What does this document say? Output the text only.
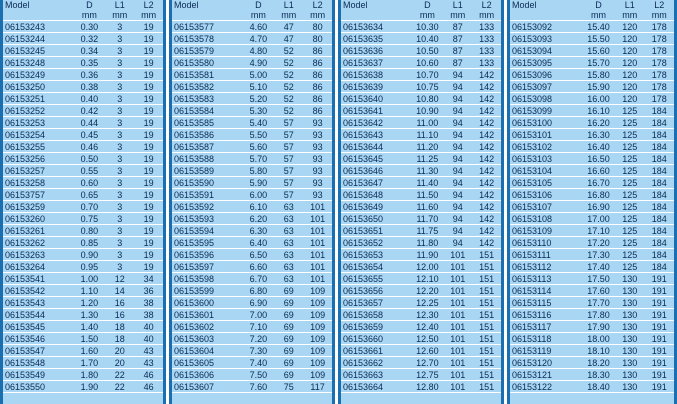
Model	D	L1	L2
	mm	mm	mm
06153243	0.30	3	19
06153244	0.32	3	19
06153245	0.34	3	19
06153248	0.35	3	19
06153249	0.36	3	19
06153250	0.38	3	19
06153251	0.40	3	19
06153252	0.42	3	19
06153253	0.44	3	19
06153254	0.45	3	19
06153255	0.46	3	19
06153256	0.50	3	19
06153257	0.55	3	19
06153258	0.60	3	19
06153757	0.65	3	19
06153259	0.70	3	19
06153260	0.75	3	19
06153261	0.80	3	19
06153262	0.85	3	19
06153263	0.90	3	19
06153264	0.95	3	19
06153541	1.00	12	34
06153542	1.10	14	36
06153543	1.20	16	38
06153544	1.30	16	38
06153545	1.40	18	40
06153546	1.50	18	40
06153547	1.60	20	43
06153548	1.70	20	43
06153549	1.80	22	46
06153550	1.90	22	46
Model	D	L1	L2
	mm	mm	mm
06153577	4.60	47	80
06153578	4.70	47	80
06153579	4.80	52	86
06153580	4.90	52	86
06153581	5.00	52	86
06153582	5.10	52	86
06153583	5.20	52	86
06153584	5.30	52	86
06153585	5.40	57	93
06153586	5.50	57	93
06153587	5.60	57	93
06153588	5.70	57	93
06153589	5.80	57	93
06153590	5.90	57	93
06153591	6.00	57	93
06153592	6.10	63	101
06153593	6.20	63	101
06153594	6.30	63	101
06153595	6.40	63	101
06153596	6.50	63	101
06153597	6.60	63	101
06153598	6.70	63	101
06153599	6.80	69	109
06153600	6.90	69	109
06153601	7.00	69	109
06153602	7.10	69	109
06153603	7.20	69	109
06153604	7.30	69	109
06153605	7.40	69	109
06153606	7.50	69	109
06153607	7.60	75	117
Model	D	L1	L2
	mm	mm	mm
06153634	10.30	87	133
06153635	10.40	87	133
06153636	10.50	87	133
06153637	10.60	87	133
06153638	10.70	94	142
06153639	10.75	94	142
06153640	10.80	94	142
06153641	10.90	94	142
06153642	11.00	94	142
06153643	11.10	94	142
06153644	11.20	94	142
06153645	11.25	94	142
06153646	11.30	94	142
06153647	11.40	94	142
06153648	11.50	94	142
06153649	11.60	94	142
06153650	11.70	94	142
06153651	11.75	94	142
06153652	11.80	94	142
06153653	11.90	101	151
06153654	12.00	101	151
06153655	12.10	101	151
06153656	12.20	101	151
06153657	12.25	101	151
06153658	12.30	101	151
06153659	12.40	101	151
06153660	12.50	101	151
06153661	12.60	101	151
06153662	12.70	101	151
06153663	12.75	101	151
06153664	12.80	101	151
Model	D	L1	L2
	mm	mm	mm
06153092	15.40	120	178
06153093	15.50	120	178
06153094	15.60	120	178
06153095	15.70	120	178
06153096	15.80	120	178
06153097	15.90	120	178
06153098	16.00	120	178
06153099	16.10	125	184
06153100	16.20	125	184
06153101	16.30	125	184
06153102	16.40	125	184
06153103	16.50	125	184
06153104	16.60	125	184
06153105	16.70	125	184
06153106	16.80	125	184
06153107	16.90	125	184
06153108	17.00	125	184
06153109	17.10	125	184
06153110	17.20	125	184
06153111	17.30	125	184
06153112	17.40	125	184
06153113	17.50	130	191
06153114	17.60	130	191
06153115	17.70	130	191
06153116	17.80	130	191
06153117	17.90	130	191
06153118	18.00	130	191
06153119	18.10	130	191
06153120	18.20	130	191
06153121	18.30	130	191
06153122	18.40	130	191
